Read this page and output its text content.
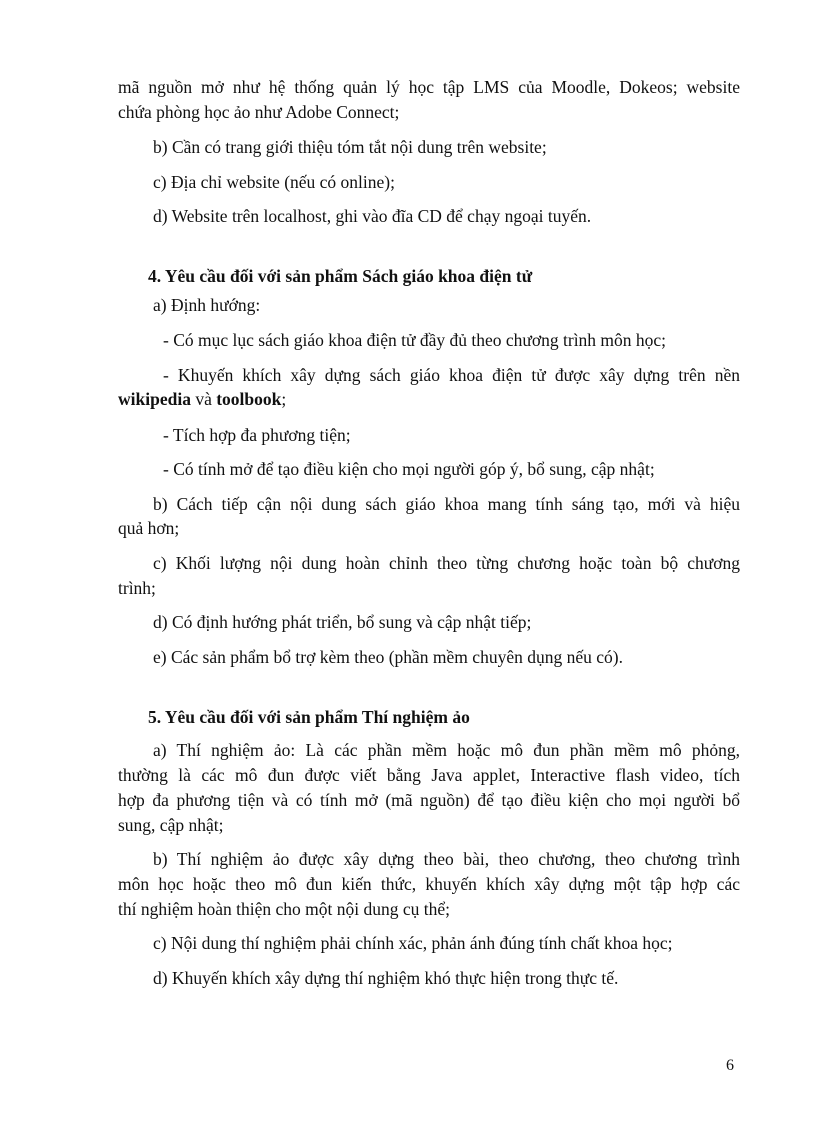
mã nguồn mở như hệ thống quản lý học tập LMS của Moodle, Dokeos; website
chứa phòng học ảo như Adobe Connect;
b) Cần có trang giới thiệu tóm tắt nội dung trên website;
c) Địa chỉ website (nếu có online);
d) Website trên localhost, ghi vào đĩa CD để chạy ngoại tuyến.
4. Yêu cầu đối với sản phẩm Sách giáo khoa điện tử
a) Định hướng:
- Có mục lục sách giáo khoa điện tử đầy đủ theo chương trình môn học;
- Khuyến khích xây dựng sách giáo khoa điện tử được xây dựng trên nền
wikipedia và toolbook;
- Tích hợp đa phương tiện;
- Có tính mở để tạo điều kiện cho mọi người góp ý, bổ sung, cập nhật;
b) Cách tiếp cận nội dung sách giáo khoa mang tính sáng tạo, mới và hiệu
quả hơn;
c) Khối lượng nội dung hoàn chỉnh theo từng chương hoặc toàn bộ chương
trình;
d) Có định hướng phát triển, bổ sung và cập nhật tiếp;
e) Các sản phẩm bổ trợ kèm theo (phần mềm chuyên dụng nếu có).
5. Yêu cầu đối với sản phẩm Thí nghiệm ảo
a) Thí nghiệm ảo: Là các phần mềm hoặc mô đun phần mềm mô phỏng,
thường là các mô đun được viết bằng Java applet, Interactive flash video, tích
hợp đa phương tiện và có tính mở (mã nguồn) để tạo điều kiện cho mọi người bổ
sung, cập nhật;
b) Thí nghiệm ảo được xây dựng theo bài, theo chương, theo chương trình
môn học hoặc theo mô đun kiến thức, khuyến khích xây dựng một tập hợp các
thí nghiệm hoàn thiện cho một nội dung cụ thể;
c) Nội dung thí nghiệm phải chính xác, phản ánh đúng tính chất khoa học;
d) Khuyến khích xây dựng thí nghiệm khó thực hiện trong thực tế.
6
